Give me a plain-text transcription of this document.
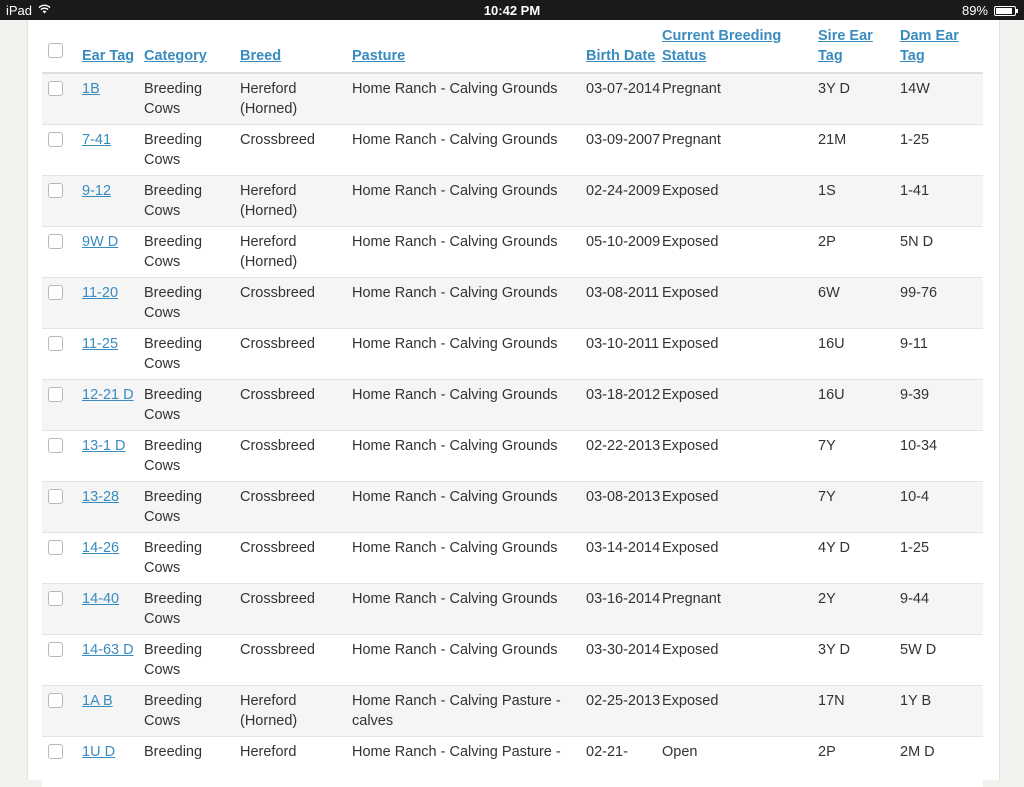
iPad	10:42 PM	89%
	Ear Tag	Category	Breed	Pasture	Birth Date	Current Breeding Status	Sire Ear Tag	Dam Ear Tag
	1B	Breeding Cows	Hereford (Horned)	Home Ranch - Calving Grounds	03-07-2014	Pregnant	3Y D	14W
	7-41	Breeding Cows	Crossbreed	Home Ranch - Calving Grounds	03-09-2007	Pregnant	21M	1-25
	9-12	Breeding Cows	Hereford (Horned)	Home Ranch - Calving Grounds	02-24-2009	Exposed	1S	1-41
	9W D	Breeding Cows	Hereford (Horned)	Home Ranch - Calving Grounds	05-10-2009	Exposed	2P	5N D
	11-20	Breeding Cows	Crossbreed	Home Ranch - Calving Grounds	03-08-2011	Exposed	6W	99-76
	11-25	Breeding Cows	Crossbreed	Home Ranch - Calving Grounds	03-10-2011	Exposed	16U	9-11
	12-21 D	Breeding Cows	Crossbreed	Home Ranch - Calving Grounds	03-18-2012	Exposed	16U	9-39
	13-1 D	Breeding Cows	Crossbreed	Home Ranch - Calving Grounds	02-22-2013	Exposed	7Y	10-34
	13-28	Breeding Cows	Crossbreed	Home Ranch - Calving Grounds	03-08-2013	Exposed	7Y	10-4
	14-26	Breeding Cows	Crossbreed	Home Ranch - Calving Grounds	03-14-2014	Exposed	4Y D	1-25
	14-40	Breeding Cows	Crossbreed	Home Ranch - Calving Grounds	03-16-2014	Pregnant	2Y	9-44
	14-63 D	Breeding Cows	Crossbreed	Home Ranch - Calving Grounds	03-30-2014	Exposed	3Y D	5W D
	1A B	Breeding Cows	Hereford (Horned)	Home Ranch - Calving Pasture - calves	02-25-2013	Exposed	17N	1Y B
	1U D	Breeding	Hereford	Home Ranch - Calving Pasture -	02-21-	Open	2P	2M D
